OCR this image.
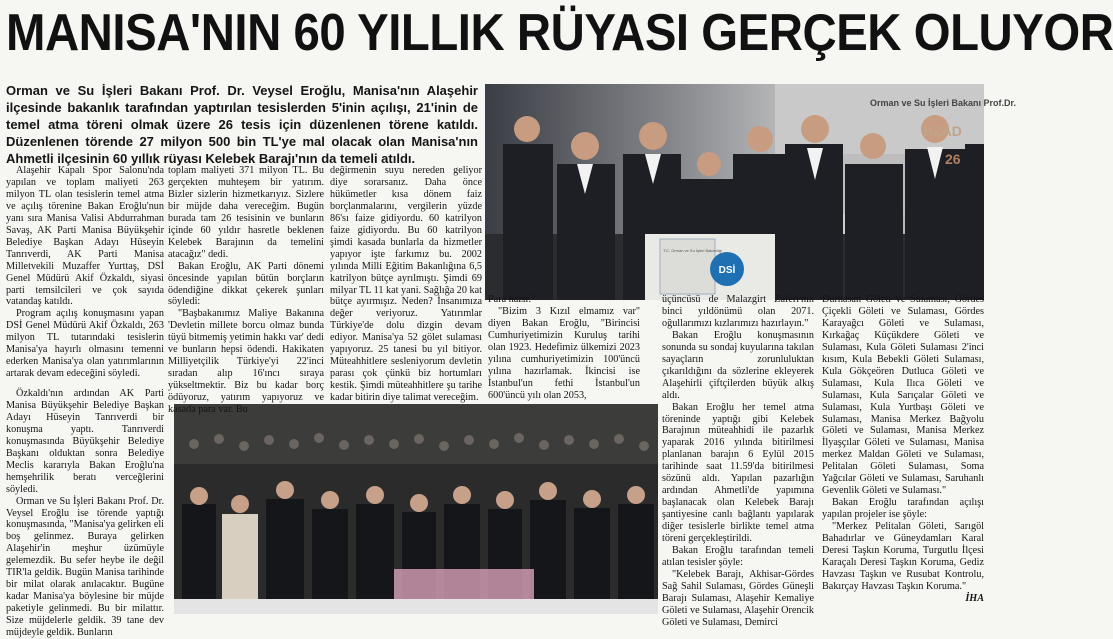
MANISA'NIN 60 YILLIK RÜYASI GERÇEK OLUYOR

Orman ve Su İşleri Bakanı Prof. Dr. Veysel Eroğlu, Manisa'nın Alaşehir ilçesinde bakanlık tarafından yaptırılan tesislerden 5'inin açılışı, 21'inin de temel atma töreni olmak üzere 26 tesis için düzenlenen törene katıldı. Düzenlenen törende 27 milyon 500 bin TL'ye mal olacak olan Manisa'nın Ahmetli ilçesinin 60 yıllık rüyası Kelebek Barajı'nın da temeli atıldı.

DSİ
T.C. Orman ve Su İşleri Bakanlığı
Orman ve Su İşleri Bakanı Prof.Dr.
HZAD
26

Alaşehir Kapalı Spor Salonu'nda yapılan ve toplam maliyeti 263 milyon TL olan tesislerin temel atma ve açılış törenine Bakan Eroğlu'nun yanı sıra Manisa Valisi Abdurrahman Savaş, AK Parti Manisa Büyükşehir Belediye Başkan Adayı Hüseyin Tanrıverdi, AK Parti Manisa Milletvekili Muzaffer Yurttaş, DSİ Genel Müdürü Akif Özkaldı, siyasi parti temsilcileri ve çok sayıda vatandaş katıldı.

Program açılış konuşmasını yapan DSİ Genel Müdürü Akif Özkaldı, 263 milyon TL tutarındaki tesislerin Manisa'ya hayırlı olmasını temenni ederken Manisa'ya olan yatırımlarının artarak devam edeceğini söyledi.

toplam maliyeti 371 milyon TL. Bu gerçekten muhteşem bir yatırım. Bizler sizlerin hizmetkarıyız. Sizlere bir müjde daha vereceğim. Bugün burada tam 26 tesisinin ve bunların içinde 60 yıldır hasretle beklenen Kelebek Barajının da temelini atacağız" dedi.

Bakan Eroğlu, AK Parti dönemi öncesinde yapılan bütün borçların ödendiğine dikkat çekerek şunları söyledi:

"Başbakanımız Maliye Bakanına 'Devletin millete borcu olmaz bunda tüyü bitmemiş yetimin hakkı var' dedi ve bunların hepsi ödendi. Hakikaten Milliyetçilik Türkiye'yi 22'inci sıradan alıp 16'ıncı sıraya yükseltmektir. Biz bu kadar borç ödüyoruz, yatırım yapıyoruz ve kasada para var. Bu

değirmenin suyu nereden geliyor diye sorarsanız. Daha önce hükümetler kısa dönem faiz borçlanmalarını, vergilerin yüzde 86'sı faize gidiyordu. 60 katrilyon faize gidiyordu. Bu 60 katrilyon şimdi kasada bunlarla da hizmetler yapıyor işte farkımız bu. 2002 yılında Milli Eğitim Bakanlığına 6,5 katrilyon bütçe ayrılmıştı. Şimdi 69 milyar TL 11 kat yani. Sağlığa 20 kat bütçe ayırmışız. Neden? İnsanımıza değer veriyoruz. Yatırımlar Türkiye'de dolu dizgin devam ediyor. Manisa'ya 52 gölet sulaması yapıyoruz. 25 tanesi bu yıl bitiyor. Müteahhitlere sesleniyorum devletin parası çok çünkü biz hortumları kestik. Şimdi müteahhitlere şu tarihe kadar bitirin diye talimat vereceğim.

Özkaldı'nın ardından AK Parti Manisa Büyükşehir Belediye Başkan Adayı Hüseyin Tanrıverdi bir konuşma yaptı. Tanrıverdi konuşmasında Büyükşehir Belediye Başkanı olduktan sonra Belediye Meclis kararıyla Bakan Eroğlu'na hemşehrilik beratı verceğlerini söyledi.

Orman ve Su İşleri Bakanı Prof. Dr. Veysel Eroğlu ise törende yaptığı konuşmasında, "Manisa'ya gelirken eli boş gelinmez. Buraya gelirken Alaşehir'in meşhur üzümüyle gelemezdik. Bu sefer heybe ile değil TIR'la geldik. Bugün Manisa tarihinde bir milat olarak anılacaktır. Bugüne kadar Manisa'ya böylesine bir müjde paketiyle gelinmedi. Bu bir milattır. Size müjdelerle geldik. 39 tane dev müjdeyle geldik. Bunların

Para hazır."

"Bizim 3 Kızıl elmamız var" diyen Bakan Eroğlu, "Birincisi Cumhuriyetimizin Kuruluş tarihi olan 1923. Hedefimiz ülkemizi 2023 yılına cumhuriyetimizin 100'üncü yılına hazırlamak. İkincisi ise İstanbul'un fethi İstanbul'un 600'üncü yılı olan 2053,

üçüncüsü de Malazgirt Zaferi'nin binci yıldönümü olan 2071. oğullarımızı kızlarımızı hazırlayın."

Bakan Eroğlu konuşmasının sonunda su sondaj kuyularına takılan sayaçların zorunluluktan çıkarıldığını da sözlerine ekleyerek Alaşehirli çiftçilerden büyük alkış aldı.

Bakan Eroğlu her temel atma töreninde yaptığı gibi Kelebek Barajının müteahhidi ile pazarlık yaparak 2016 yılında bitirilmesi planlanan barajın 6 Eylül 2015 tarihinde saat 11.59'da bitirilmesi sözünü aldı. Yapılan pazarlığın ardından Ahmetli'de yapımına başlanacak olan Kelebek Barajı şantiyesine canlı bağlantı yapılarak diğer tesislerle birlikte temel atma töreni gerçekleştirildi.

Bakan Eroğlu tarafından temeli atılan tesisler şöyle:

"Kelebek Barajı, Akhisar-Gördes Sağ Sahil Sulaması, Gördes Güneşli Barajı Sulaması, Alaşehir Kemaliye Göleti ve Sulaması, Alaşehir Orencik Göleti ve Sulaması, Demirci

Durhasan Göleti ve Sulaması, Gördes Çiçekli Göleti ve Sulaması, Gördes Karayağcı Göleti ve Sulaması, Kırkağaç Küçükdere Göleti ve Sulaması, Kula Göleti Sulaması 2'inci kısım, Kula Bebekli Göleti Sulaması, Kula Gökçeören Dutluca Göleti ve Sulaması, Kula Ilıca Göleti ve Sulaması, Kula Sarıçalar Göleti ve Sulaması, Kula Yurtbaşı Göleti ve Sulaması, Manisa Merkez Bağyolu Göleti ve Sulaması, Manisa Merkez İlyaşçılar Göleti ve Sulaması, Manisa merkez Maldan Göleti ve Sulaması, Pelitalan Göleti Sulaması, Soma Yağcılar Göleti ve Sulaması, Saruhanlı Gevenlik Göleti ve Sulaması."

Bakan Eroğlu tarafından açılışı yapılan projeler ise şöyle:

"Merkez Pelitalan Göleti, Sarıgöl Bahadırlar ve Güneydamları Karal Deresi Taşkın Koruma, Turgutlu İlçesi Karaçalı Deresi Taşkın Koruma, Gediz Havzası Taşkın ve Rusubat Kontrolu, Bakırçay Havzası Taşkın Koruma."

İHA
